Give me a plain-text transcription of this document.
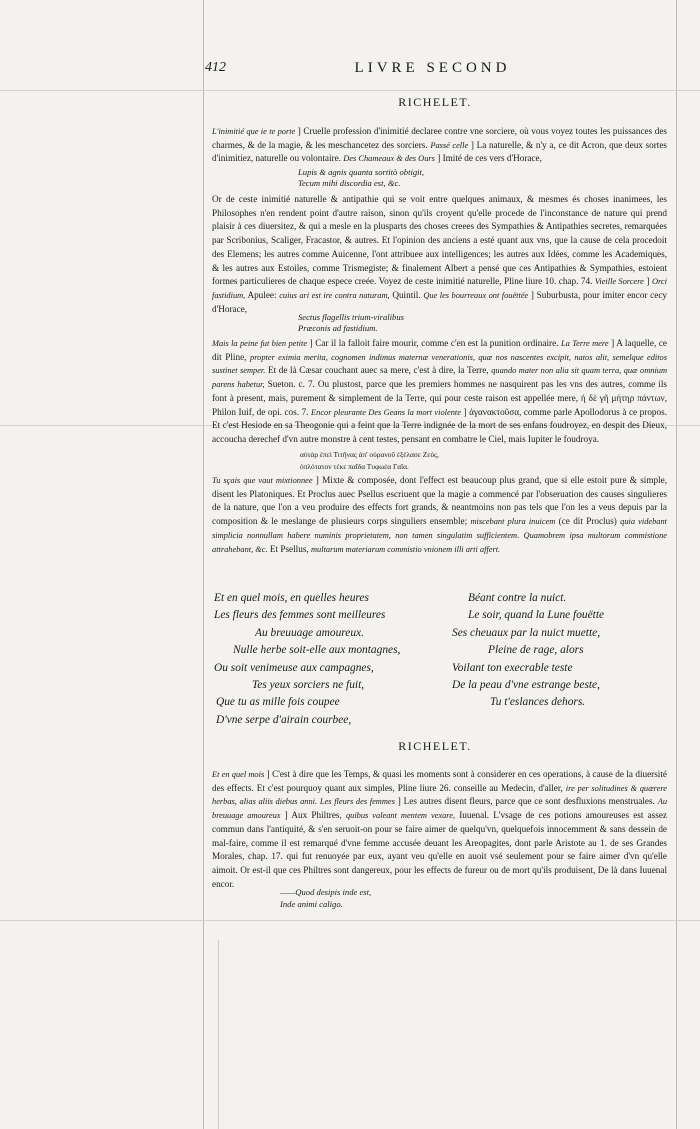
412	LIVRE SECOND
RICHELET.

L'inimitié que ie te porte ] Cruelle profession d'inimitié declaree contre vne sorciere, où vous voyez toutes les puissances des charmes, & de la magie, & les meschancetez des sorciers. Passé celle ] La naturelle, & n'y a, ce dit Acron, que deux sortes d'inimitiez, naturelle ou volontaire. Des Chameaux & des Ours ] Imité de ces vers d'Horace,

Lupis & agnis quanta sortitò obtigit,
Tecum mihi discordia est, &c.

Or de ceste inimitié naturelle & antipathie qui se voit entre quelques animaux, & mesmes és choses inanimees, les Philosophes n'en rendent point d'autre raison, sinon qu'ils croyent qu'elle procede de l'inconstance de nature qui prend plaisir à ces diuersitez, & qui a mesle en la plusparts des choses creees des Sympathies & Antipathies secretes, remarquées par Scribonius, Scaliger, Fracastor, & autres. Et l'opinion des anciens a esté quant aux vns, que la cause de cela procedoit des Elemens; les autres comme Auicenne, l'ont attribuee aux intelligences; les autres aux Idées, comme les Academiques, & les autres aux Estoiles, comme Trismegiste; & finalement Albert a pensé que ces Antipathies & Sympathies, estoient formes particulieres de chaque espece creée. Voyez de ceste inimitié naturelle, Pline liure 10. chap. 74. Vieille Sorcere ] Orci fastidium, Apulee: cuius ari est ire contra naturam, Quintil. Que les bourreaux ont fouëttée ] Suburbusta, pour imiter encor cecy d'Horace,

Sectus flagellis trium-viralibus
Præconis ad fastidium.

Mais la peine fut bien petite ] Car il la falloit faire mourir, comme c'en est la punition ordinaire. La Terre mere ] A laquelle, ce dit Pline, propter eximia merita, cognomen indimus maternæ venerationis, quæ nos nascentes excipit, natos alit, semelque editos sustinet semper. Et de là Cæsar couchant auec sa mere, c'est à dire, la Terre, quando mater non alia sit quam terra, quæ omnium parens habetur, Sueton. c. 7. Ou plustost, parce que les premiers hommes ne nasquirent pas les vns des autres, comme ils font à present, mais, purement & simplement de la Terre, qui pour ceste raison est appellée mere, ἡ δὲ γῆ μήτηρ πάντων, Philon Iuif, de opi. cos. 7. Encor pleurante Des Geans la mort violente ] ἀγανακτοῦσα, comme parle Apollodorus à ce propos. Et c'est Hesiode en sa Theogonie qui a feint que la Terre indignée de la mort de ses enfans foudroyez, en despit des Dieux, accoucha derechef d'vn autre monstre à cent testes, pensant en combatre le Ciel, mais Iupiter le foudroya.

αὐτὰρ ἐπεὶ Τιτῆνας ἀπ' οὐρανοῦ ἐξέλασε Ζεύς,
ὁπλότατον τέκε παῖδα Τυφωέα Γαῖα.

Tu sçais que vaut mixtionnee ] Mixte & composée, dont l'effect est beaucoup plus grand, que si elle estoit pure & simple, disent les Platoniques. Et Proclus auec Psellus escriuent que la magie a commencé par l'obseruation des causes singulieres de la nature, que l'on a veu produire des effects fort grands, & neantmoins non pas tels que l'on les a veus depuis par la composition & le meslange de plusieurs corps singuliers ensemble; miscebant plura inuicem (ce dit Proclus) quia videbant simplicia nonnullam habere numinis proprietatem, non tamen singulatim sufficientem. Quamobrem ipsa multorum commistione attrahebant, &c. Et Psellus, multarum materiarum commistio vnionem illi arti affert.

Et en quel mois, en quelles heures
Les fleurs des femmes sont meilleures
Au breuuage amoureux.
Nulle herbe soit-elle aux montagnes,
Ou soit venimeuse aux campagnes,
Tes yeux sorciers ne fuit,
Que tu as mille fois coupee
D'vne serpe d'airain courbee,
Béant contre la nuict.
Le soir, quand la Lune fouëtte
Ses cheuaux par la nuict muette,
Pleine de rage, alors
Voilant ton execrable teste
De la peau d'vne estrange beste,
Tu t'eslances dehors.
RICHELET.

Et en quel mois ] C'est à dire que les Temps, & quasi les moments sont à considerer en ces operations, à cause de la diuersité des effects. Et c'est pourquoy quant aux simples, Pline liure 26. conseille au Medecin, d'aller, ire per solitudines & quærere herbas, alias aliis diebus anni. Les fleurs des femmes ] Les autres disent fleurs, parce que ce sont desfluxions menstruales. Au breuuage amoureux ] Aux Philtres, quibus valeant mentem vexare, Iuuenal. L'vsage de ces potions amoureuses est assez commun dans l'antiquité, & s'en seruoit-on pour se faire aimer de quelqu'vn, quelquefois innocemment & sans dessein de mal-faire, comme il est remarqué d'vne femme accusée deuant les Areopagites, dont parle Aristote au 1. de ses Grandes Morales, chap. 17. qui fut renuoyée par eux, ayant veu qu'elle en auoit vsé seulement pour se faire aimer d'vn qu'elle aimoit. Or est-il que ces Philtres sont dangereux, pour les effects de fureur ou de mort qu'ils produisent, De là dans Iuuenal encor.

——Quod desipis inde est,
Inde animi caligo.
